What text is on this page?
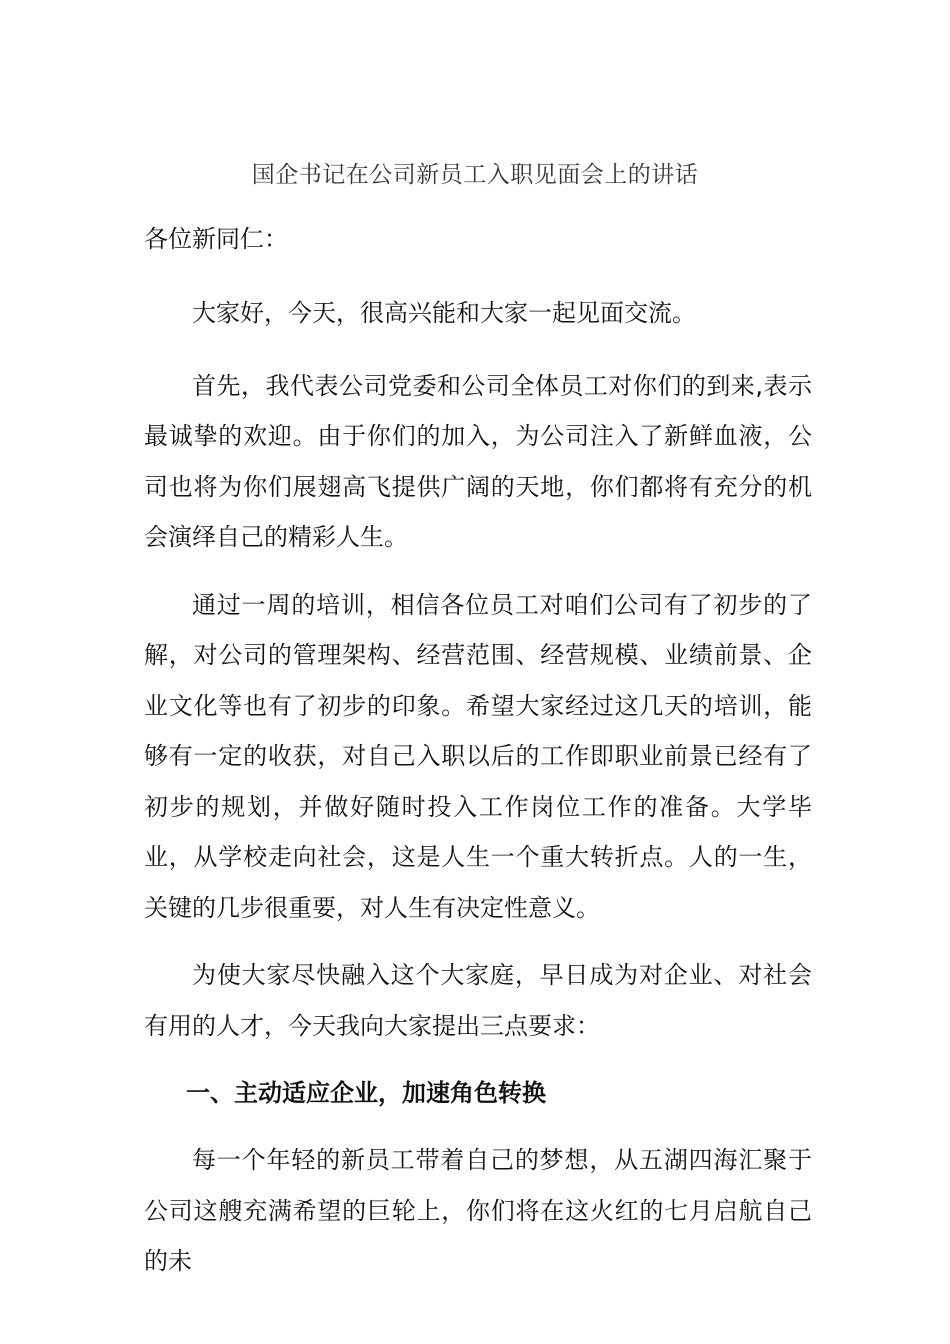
国企书记在公司新员工入职见面会上的讲话

各位新同仁：

大家好，今天，很高兴能和大家一起见面交流。

首先，我代表公司党委和公司全体员工对你们的到来,表示最诚挚的欢迎。由于你们的加入，为公司注入了新鲜血液，公司也将为你们展翅高飞提供广阔的天地，你们都将有充分的机会演绎自己的精彩人生。

通过一周的培训，相信各位员工对咱们公司有了初步的了解，对公司的管理架构、经营范围、经营规模、业绩前景、企业文化等也有了初步的印象。希望大家经过这几天的培训，能够有一定的收获，对自己入职以后的工作即职业前景已经有了初步的规划，并做好随时投入工作岗位工作的准备。大学毕业，从学校走向社会，这是人生一个重大转折点。人的一生，关键的几步很重要，对人生有决定性意义。

为使大家尽快融入这个大家庭，早日成为对企业、对社会有用的人才，今天我向大家提出三点要求：

一、主动适应企业，加速角色转换

每一个年轻的新员工带着自己的梦想，从五湖四海汇聚于公司这艘充满希望的巨轮上，你们将在这火红的七月启航自己的未
